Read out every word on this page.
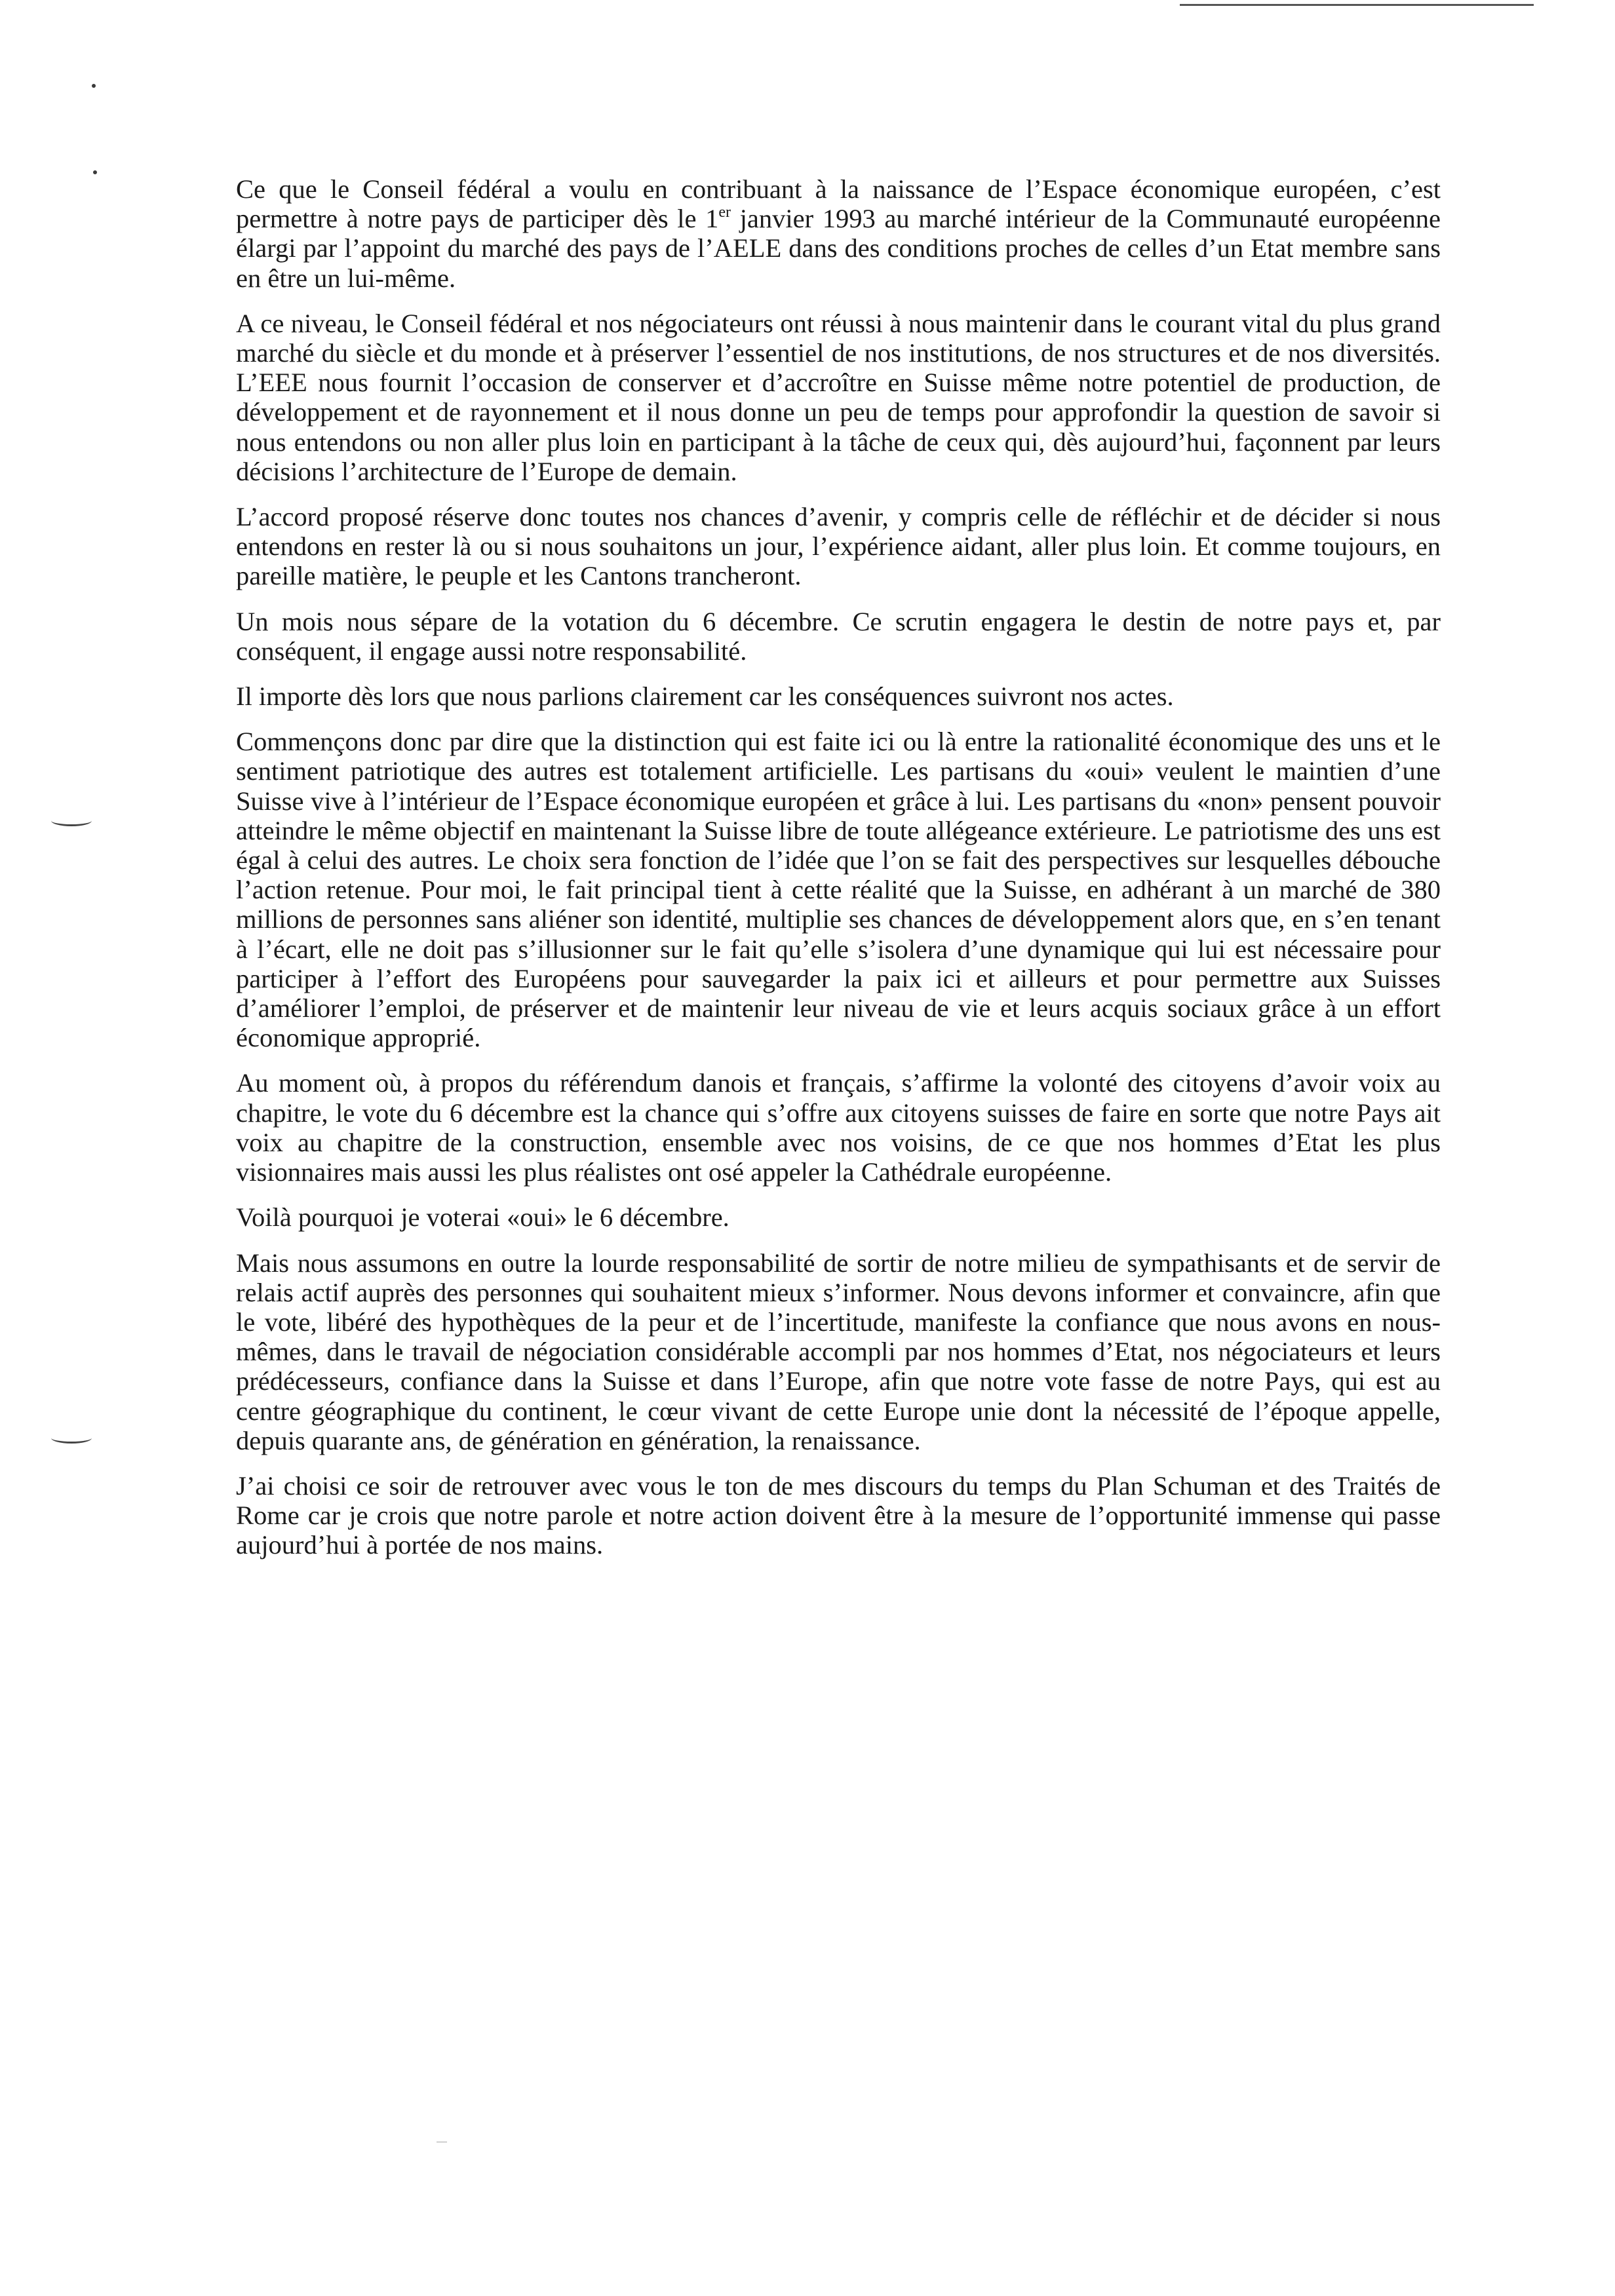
Ce que le Conseil fédéral a voulu en contribuant à la naissance de l’Espace économique européen, c’est permettre à notre pays de participer dès le 1er janvier 1993 au marché intérieur de la Communauté européenne élargi par l’appoint du marché des pays de l’AELE dans des conditions proches de celles d’un Etat membre sans en être un lui-même.

A ce niveau, le Conseil fédéral et nos négociateurs ont réussi à nous maintenir dans le courant vital du plus grand marché du siècle et du monde et à préserver l’essentiel de nos institutions, de nos structures et de nos diversités. L’EEE nous fournit l’occasion de conserver et d’accroître en Suisse même notre potentiel de production, de développement et de rayonnement et il nous donne un peu de temps pour approfondir la question de savoir si nous entendons ou non aller plus loin en participant à la tâche de ceux qui, dès aujourd’hui, façonnent par leurs décisions l’architecture de l’Europe de demain.

L’accord proposé réserve donc toutes nos chances d’avenir, y compris celle de réfléchir et de décider si nous entendons en rester là ou si nous souhaitons un jour, l’expérience aidant, aller plus loin. Et comme toujours, en pareille matière, le peuple et les Cantons trancheront.

Un mois nous sépare de la votation du 6 décembre. Ce scrutin engagera le destin de notre pays et, par conséquent, il engage aussi notre responsabilité.

Il importe dès lors que nous parlions clairement car les conséquences suivront nos actes.

Commençons donc par dire que la distinction qui est faite ici ou là entre la rationalité économique des uns et le sentiment patriotique des autres est totalement artificielle. Les partisans du «oui» veulent le maintien d’une Suisse vive à l’intérieur de l’Espace économique européen et grâce à lui. Les partisans du «non» pensent pouvoir atteindre le même objectif en maintenant la Suisse libre de toute allégeance extérieure. Le patriotisme des uns est égal à celui des autres. Le choix sera fonction de l’idée que l’on se fait des perspectives sur lesquelles débouche l’action retenue. Pour moi, le fait principal tient à cette réalité que la Suisse, en adhérant à un marché de 380 millions de personnes sans aliéner son identité, multiplie ses chances de développement alors que, en s’en tenant à l’écart, elle ne doit pas s’illusionner sur le fait qu’elle s’isolera d’une dynamique qui lui est nécessaire pour participer à l’effort des Européens pour sauvegarder la paix ici et ailleurs et pour permettre aux Suisses d’améliorer l’emploi, de préserver et de maintenir leur niveau de vie et leurs acquis sociaux grâce à un effort économique approprié.

Au moment où, à propos du référendum danois et français, s’affirme la volonté des citoyens d’avoir voix au chapitre, le vote du 6 décembre est la chance qui s’offre aux citoyens suisses de faire en sorte que notre Pays ait voix au chapitre de la construction, ensemble avec nos voisins, de ce que nos hommes d’Etat les plus visionnaires mais aussi les plus réalistes ont osé appeler la Cathédrale européenne.

Voilà pourquoi je voterai «oui» le 6 décembre.

Mais nous assumons en outre la lourde responsabilité de sortir de notre milieu de sympathisants et de servir de relais actif auprès des personnes qui souhaitent mieux s’informer. Nous devons informer et convaincre, afin que le vote, libéré des hypothèques de la peur et de l’incertitude, manifeste la confiance que nous avons en nous-mêmes, dans le travail de négociation considérable accompli par nos hommes d’Etat, nos négociateurs et leurs prédécesseurs, confiance dans la Suisse et dans l’Europe, afin que notre vote fasse de notre Pays, qui est au centre géographique du continent, le cœur vivant de cette Europe unie dont la nécessité de l’époque appelle, depuis quarante ans, de génération en génération, la renaissance.

J’ai choisi ce soir de retrouver avec vous le ton de mes discours du temps du Plan Schuman et des Traités de Rome car je crois que notre parole et notre action doivent être à la mesure de l’opportunité immense qui passe aujourd’hui à portée de nos mains.
